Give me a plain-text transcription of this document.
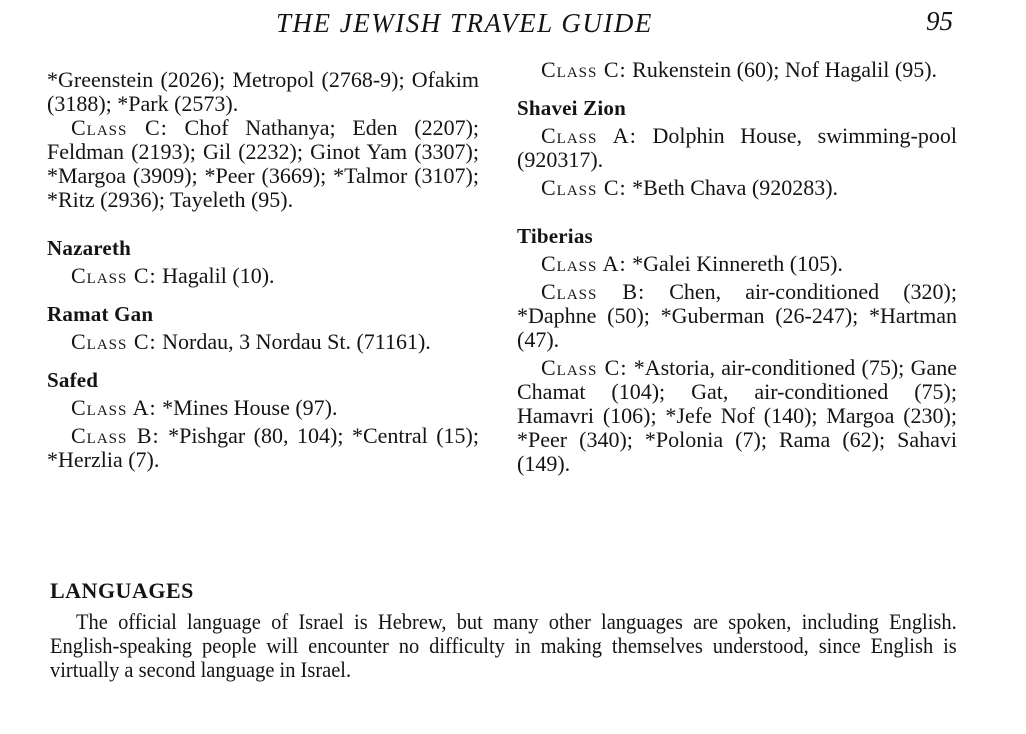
THE JEWISH TRAVEL GUIDE	95

*Greenstein (2026); Metropol (2768-9); Ofakim (3188); *Park (2573).

Class C: Chof Nathanya; Eden (2207); Feldman (2193); Gil (2232); Ginot Yam (3307); *Margoa (3909); *Peer (3669); *Talmor (3107); *Ritz (2936); Tayeleth (95).

Nazareth

Class C: Hagalil (10).

Ramat Gan

Class C: Nordau, 3 Nordau St. (71161).

Safed

Class A: *Mines House (97).

Class B: *Pishgar (80, 104); *Central (15); *Herzlia (7).

Class C: Rukenstein (60); Nof Hagalil (95).

Shavei Zion

Class A: Dolphin House, swimming-pool (920317).

Class C: *Beth Chava (920283).

Tiberias

Class A: *Galei Kinnereth (105).

Class B: Chen, air-conditioned (320); *Daphne (50); *Guberman (26-247); *Hartman (47).

Class C: *Astoria, air-conditioned (75); Gane Chamat (104); Gat, air-conditioned (75); Hamavri (106); *Jefe Nof (140); Margoa (230); *Peer (340); *Polonia (7); Rama (62); Sahavi (149).

LANGUAGES

The official language of Israel is Hebrew, but many other languages are spoken, including English. English-speaking people will encounter no difficulty in making themselves understood, since English is virtually a second language in Israel.
